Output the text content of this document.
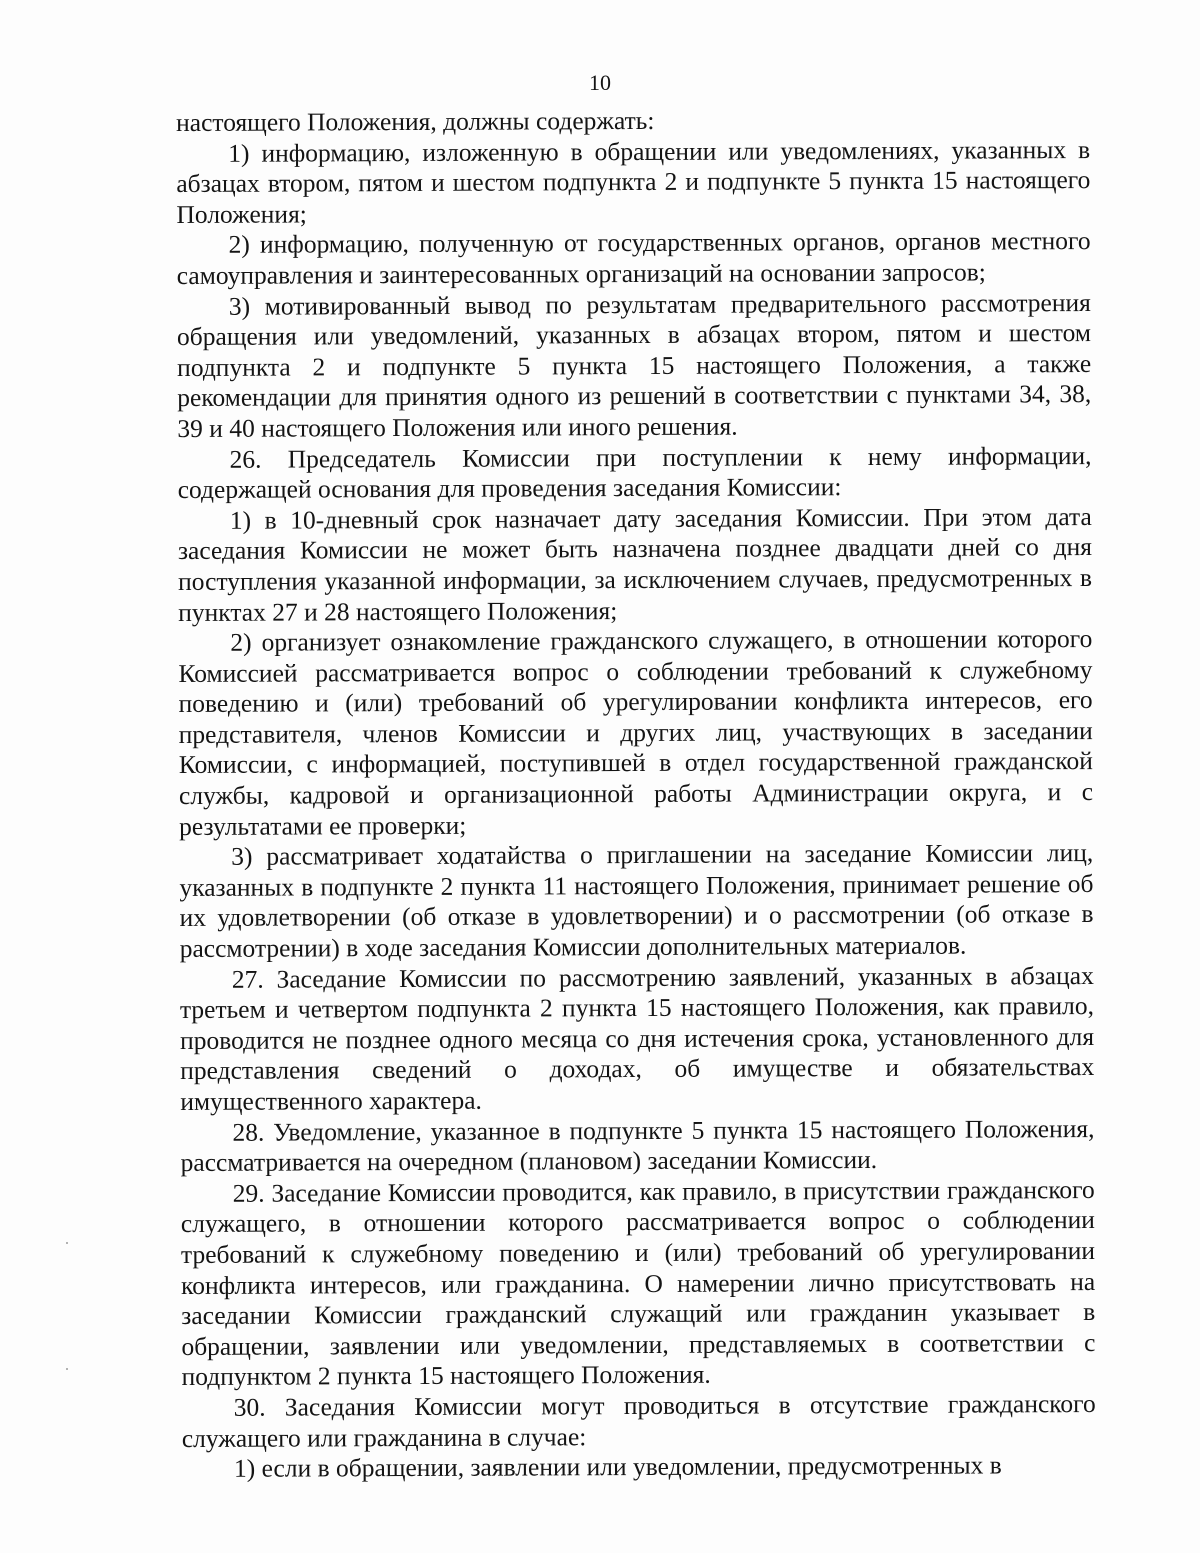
10

настоящего Положения, должны содержать:

1) информацию, изложенную в обращении или уведомлениях, указанных в абзацах втором, пятом и шестом подпункта 2 и подпункте 5 пункта 15 настоящего Положения;

2) информацию, полученную от государственных органов, органов местного самоуправления и заинтересованных организаций на основании запросов;

3) мотивированный вывод по результатам предварительного рассмотрения обращения или уведомлений, указанных в абзацах втором, пятом и шестом подпункта 2 и подпункте 5 пункта 15 настоящего Положения, а также рекомендации для принятия одного из решений в соответствии с пунктами 34, 38, 39 и 40 настоящего Положения или иного решения.

26. Председатель Комиссии при поступлении к нему информации, содержащей основания для проведения заседания Комиссии:

1) в 10-дневный срок назначает дату заседания Комиссии. При этом дата заседания Комиссии не может быть назначена позднее двадцати дней со дня поступления указанной информации, за исключением случаев, предусмотренных в пунктах 27 и 28 настоящего Положения;

2) организует ознакомление гражданского служащего, в отношении которого Комиссией рассматривается вопрос о соблюдении требований к служебному поведению и (или) требований об урегулировании конфликта интересов, его представителя, членов Комиссии и других лиц, участвующих в заседании Комиссии, с информацией, поступившей в отдел государственной гражданской службы, кадровой и организационной работы Администрации округа, и с результатами ее проверки;

3) рассматривает ходатайства о приглашении на заседание Комиссии лиц, указанных в подпункте 2 пункта 11 настоящего Положения, принимает решение об их удовлетворении (об отказе в удовлетворении) и о рассмотрении (об отказе в рассмотрении) в ходе заседания Комиссии дополнительных материалов.

27. Заседание Комиссии по рассмотрению заявлений, указанных в абзацах третьем и четвертом подпункта 2 пункта 15 настоящего Положения, как правило, проводится не позднее одного месяца со дня истечения срока, установленного для представления сведений о доходах, об имуществе и обязательствах имущественного характера.

28. Уведомление, указанное в подпункте 5 пункта 15 настоящего Положения, рассматривается на очередном (плановом) заседании Комиссии.

29. Заседание Комиссии проводится, как правило, в присутствии гражданского служащего, в отношении которого рассматривается вопрос о соблюдении требований к служебному поведению и (или) требований об урегулировании конфликта интересов, или гражданина. О намерении лично присутствовать на заседании Комиссии гражданский служащий или гражданин указывает в обращении, заявлении или уведомлении, представляемых в соответствии с подпунктом 2 пункта 15 настоящего Положения.

30. Заседания Комиссии могут проводиться в отсутствие гражданского служащего или гражданина в случае:

1) если в обращении, заявлении или уведомлении, предусмотренных в
